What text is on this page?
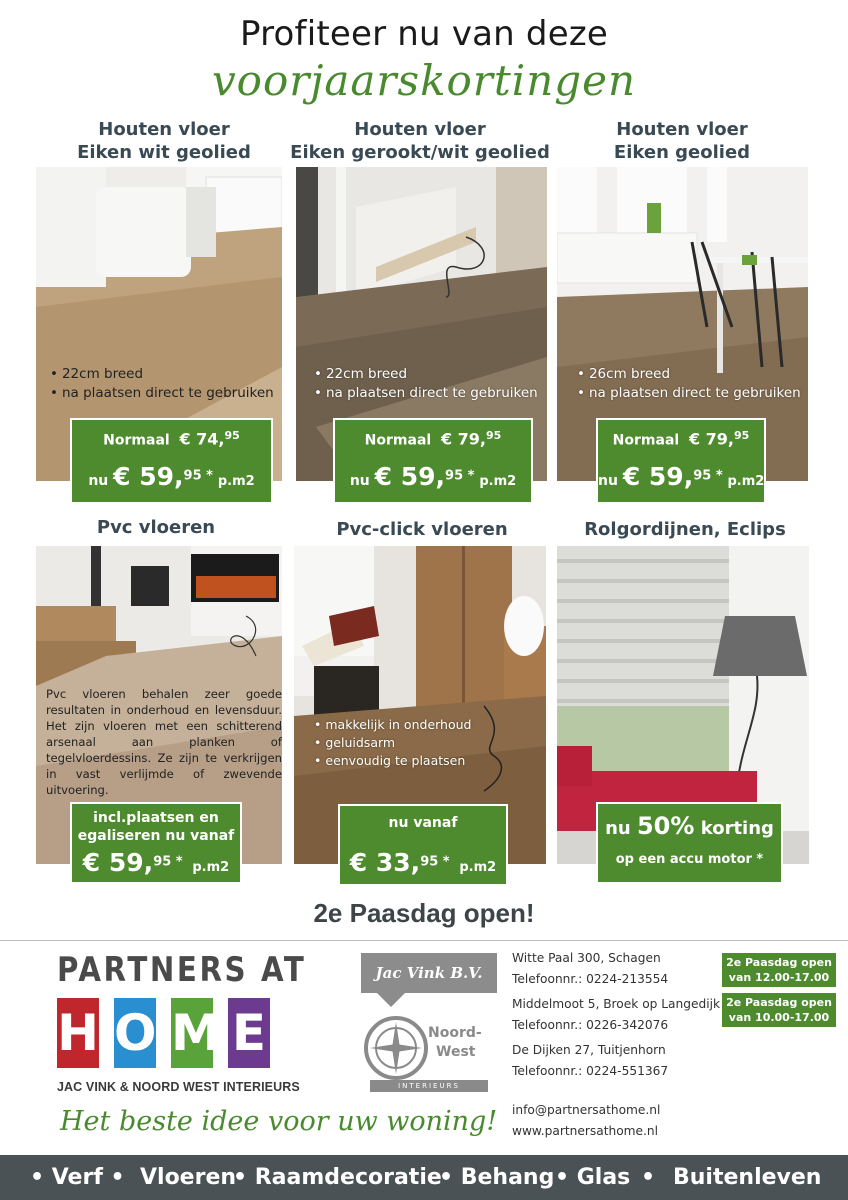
Profiteer nu van deze
voorjaarskortingen
Houten vloer
Eiken wit geolied
• 22cm breed
• na plaatsen direct te gebruiken
Normaal € 74,95
nu € 59,95 * p.m2
Houten vloer
Eiken gerookt/wit geolied
• 22cm breed
• na plaatsen direct te gebruiken
Normaal € 79,95
nu € 59,95 * p.m2
Houten vloer
Eiken geolied
• 26cm breed
• na plaatsen direct te gebruiken
Normaal € 79,95
nu € 59,95 * p.m2
Pvc vloeren
Pvc vloeren behalen zeer goede resultaten in onderhoud en levensduur. Het zijn vloeren met een schitterend arsenaal aan planken of tegelvloerdessins. Ze zijn te verkrijgen in vast verlijmde of zwevende uitvoering.
incl.plaatsen en
egaliseren nu vanaf
€ 59,95 * p.m2
Pvc-click vloeren
• makkelijk in onderhoud
• geluidsarm
• eenvoudig te plaatsen
nu vanaf
€ 33,95 * p.m2
Rolgordijnen, Eclips
nu 50% korting
op een accu motor *
2e Paasdag open!
PARTNERS AT
H O M E
JAC VINK & NOORD WEST INTERIEURS
Het beste idee voor uw woning!
Jac Vink B.V.
Noord-
West
INTERIEURS
Witte Paal 300, Schagen
Telefoonnr.: 0224-213554
Middelmoot 5, Broek op Langedijk
Telefoonnr.: 0226-342076
De Dijken 27, Tuitjenhorn
Telefoonnr.: 0224-551367
info@partnersathome.nl
www.partnersathome.nl
2e Paasdag open
van 12.00-17.00
2e Paasdag open
van 10.00-17.00 uur
• Verf • Vloeren
• Raamdecoratie
• Behang • Glas • Buitenleven
